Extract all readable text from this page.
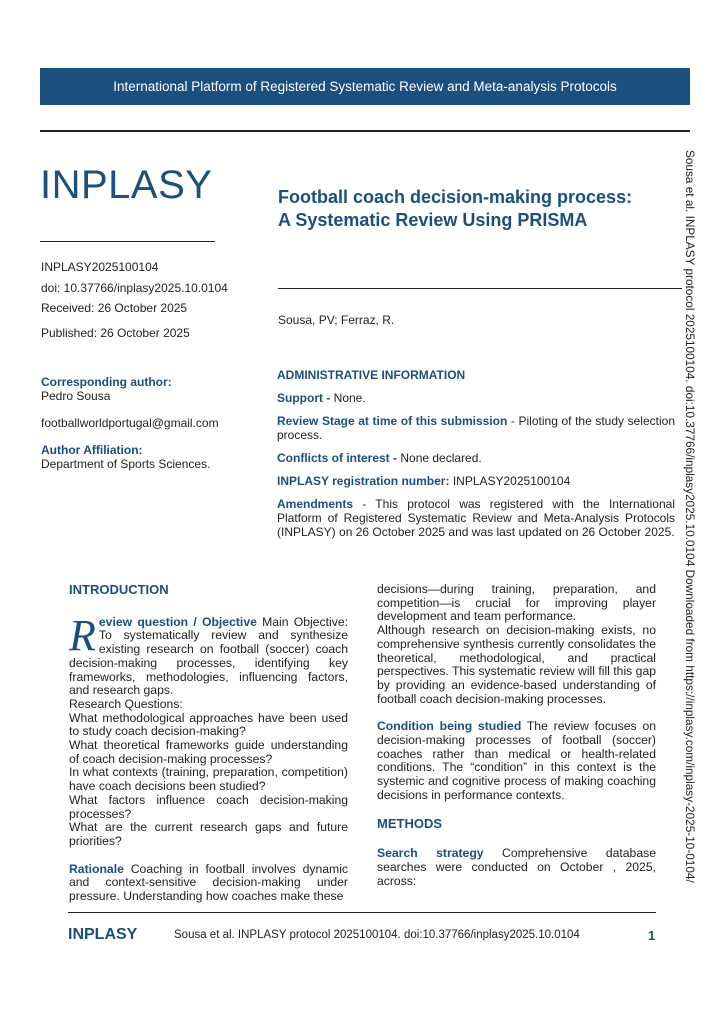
International Platform of Registered Systematic Review and Meta-analysis Protocols
INPLASY
INPLASY2025100104
doi: 10.37766/inplasy2025.10.0104
Received: 26 October 2025
Published: 26 October 2025
Corresponding author:
Pedro Sousa
footballworldportugal@gmail.com
Author Affiliation:
Department of Sports Sciences.
Football coach decision-making process:
A Systematic Review Using PRISMA
Sousa, PV; Ferraz, R.

ADMINISTRATIVE INFORMATION

Support - None.

Review Stage at time of this submission - Piloting of the study selection process.

Conflicts of interest - None declared.

INPLASY registration number: INPLASY2025100104

Amendments - This protocol was registered with the International Platform of Registered Systematic Review and Meta-Analysis Protocols (INPLASY) on 26 October 2025 and was last updated on 26 October 2025.

INTRODUCTION

Review question / Objective Main Objective: To systematically review and synthesize existing research on football (soccer) coach decision-making processes, identifying key frameworks, methodologies, influencing factors, and research gaps.

Research Questions:

What methodological approaches have been used to study coach decision-making?

What theoretical frameworks guide understanding of coach decision-making processes?

In what contexts (training, preparation, competition) have coach decisions been studied?

What factors influence coach decision-making processes?

What are the current research gaps and future priorities?

Rationale Coaching in football involves dynamic and context-sensitive decision-making under pressure. Understanding how coaches make these

decisions—during training, preparation, and competition—is crucial for improving player development and team performance.

Although research on decision-making exists, no comprehensive synthesis currently consolidates the theoretical, methodological, and practical perspectives. This systematic review will fill this gap by providing an evidence-based understanding of football coach decision-making processes.

Condition being studied The review focuses on decision-making processes of football (soccer) coaches rather than medical or health-related conditions. The “condition” in this context is the systemic and cognitive process of making coaching decisions in performance contexts.

METHODS

Search strategy Comprehensive database searches were conducted on October , 2025, across:	Sousa et al. INPLASY protocol 2025100104. doi:10.37766/inplasy2025.10.0104 Downloaded from https://inplasy.com/inplasy-2025-10-0104/
INPLASY	Sousa et al. INPLASY protocol 2025100104. doi:10.37766/inplasy2025.10.0104	1
